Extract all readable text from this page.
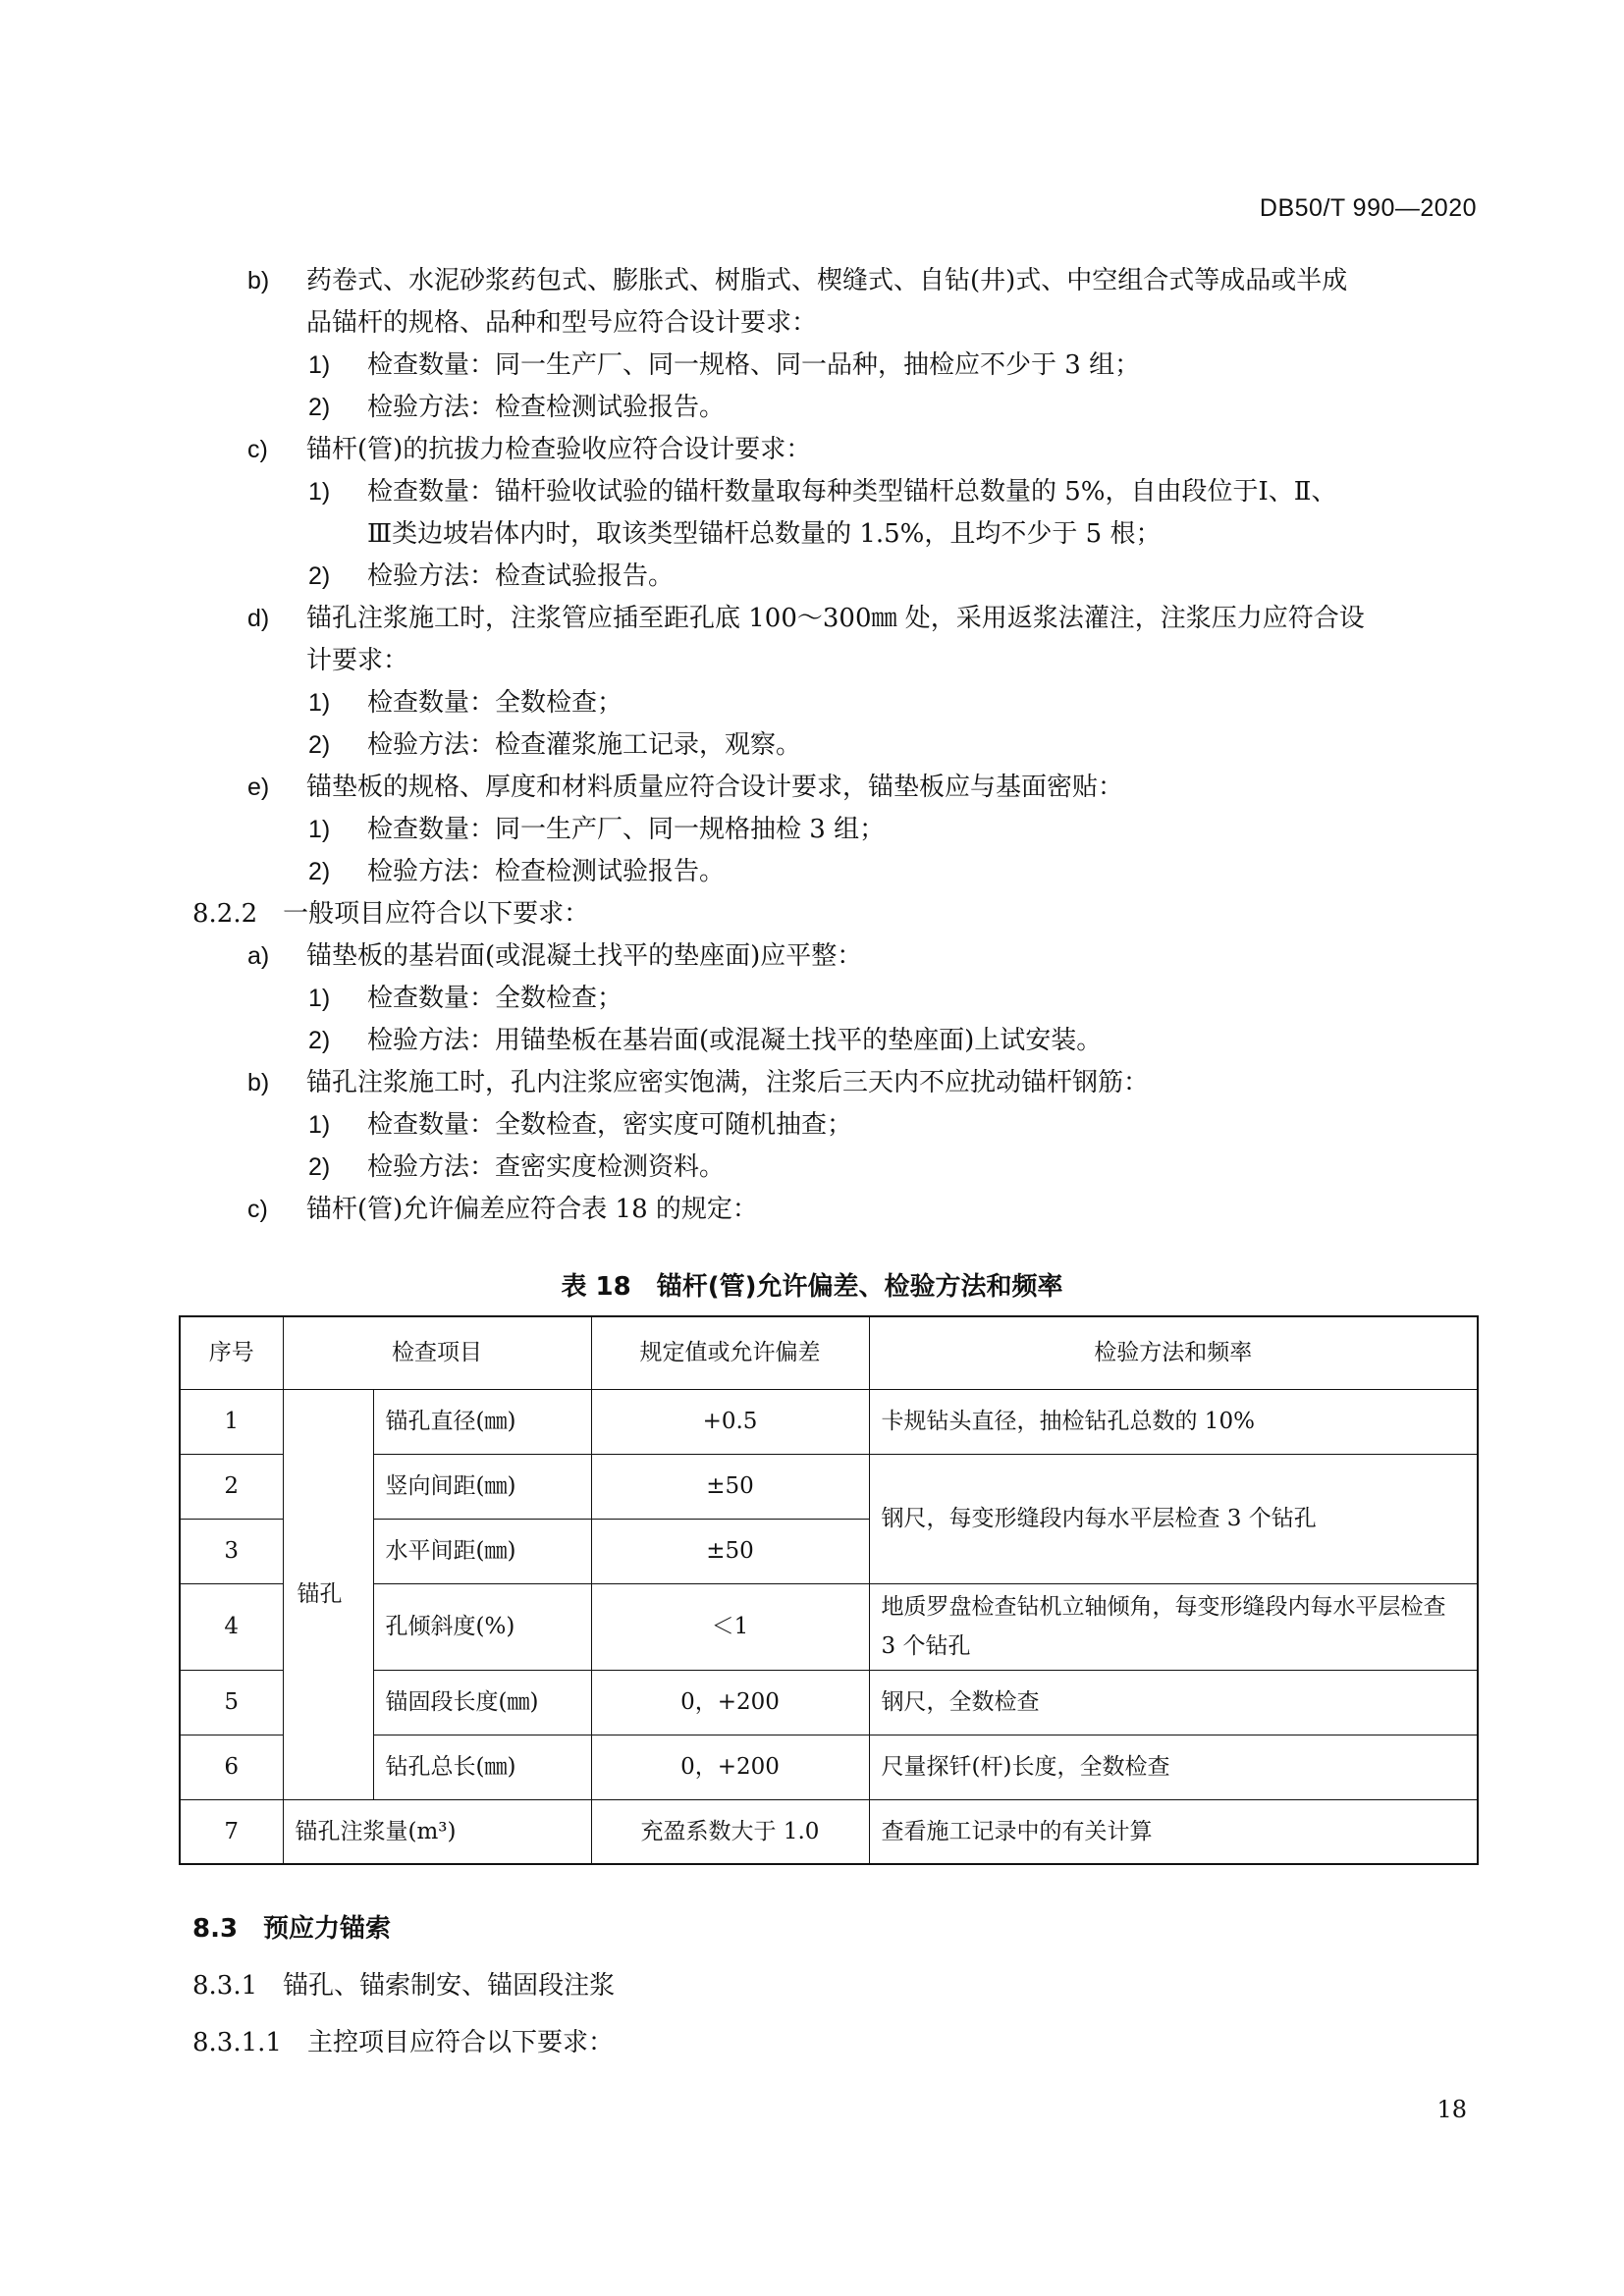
DB50/T 990—2020
b) 药卷式、水泥砂浆药包式、膨胀式、树脂式、楔缝式、自钻(井)式、中空组合式等成品或半成
品锚杆的规格、品种和型号应符合设计要求：
1) 检查数量：同一生产厂、同一规格、同一品种，抽检应不少于 3 组；
2) 检验方法：检查检测试验报告。
c) 锚杆(管)的抗拔力检查验收应符合设计要求：
1) 检查数量：锚杆验收试验的锚杆数量取每种类型锚杆总数量的 5%，自由段位于Ⅰ、Ⅱ、
Ⅲ类边坡岩体内时，取该类型锚杆总数量的 1.5%，且均不少于 5 根；
2) 检验方法：检查试验报告。
d) 锚孔注浆施工时，注浆管应插至距孔底 100～300㎜ 处，采用返浆法灌注，注浆压力应符合设
计要求：
1) 检查数量：全数检查；
2) 检验方法：检查灌浆施工记录，观察。
e) 锚垫板的规格、厚度和材料质量应符合设计要求，锚垫板应与基面密贴：
1) 检查数量：同一生产厂、同一规格抽检 3 组；
2) 检验方法：检查检测试验报告。
8.2.2　一般项目应符合以下要求：
a) 锚垫板的基岩面(或混凝土找平的垫座面)应平整：
1) 检查数量：全数检查；
2) 检验方法：用锚垫板在基岩面(或混凝土找平的垫座面)上试安装。
b) 锚孔注浆施工时，孔内注浆应密实饱满，注浆后三天内不应扰动锚杆钢筋：
1) 检查数量：全数检查，密实度可随机抽查；
2) 检验方法：查密实度检测资料。
c) 锚杆(管)允许偏差应符合表 18 的规定：
表 18　锚杆(管)允许偏差、检验方法和频率
序号	检查项目		规定值或允许偏差	检验方法和频率
1	锚孔	锚孔直径(㎜)	+0.5	卡规钻头直径，抽检钻孔总数的 10%
2		竖向间距(㎜)	±50	钢尺，每变形缝段内每水平层检查 3 个钻孔
3		水平间距(㎜)	±50	
4		孔倾斜度(%)	＜1	地质罗盘检查钻机立轴倾角，每变形缝段内每水平层检查 3 个钻孔
5		锚固段长度(㎜)	0，+200	钢尺，全数检查
6		钻孔总长(㎜)	0，+200	尺量探钎(杆)长度，全数检查
7	锚孔注浆量(m³)		充盈系数大于 1.0	查看施工记录中的有关计算
8.3　预应力锚索
8.3.1　锚孔、锚索制安、锚固段注浆
8.3.1.1　主控项目应符合以下要求：
18
